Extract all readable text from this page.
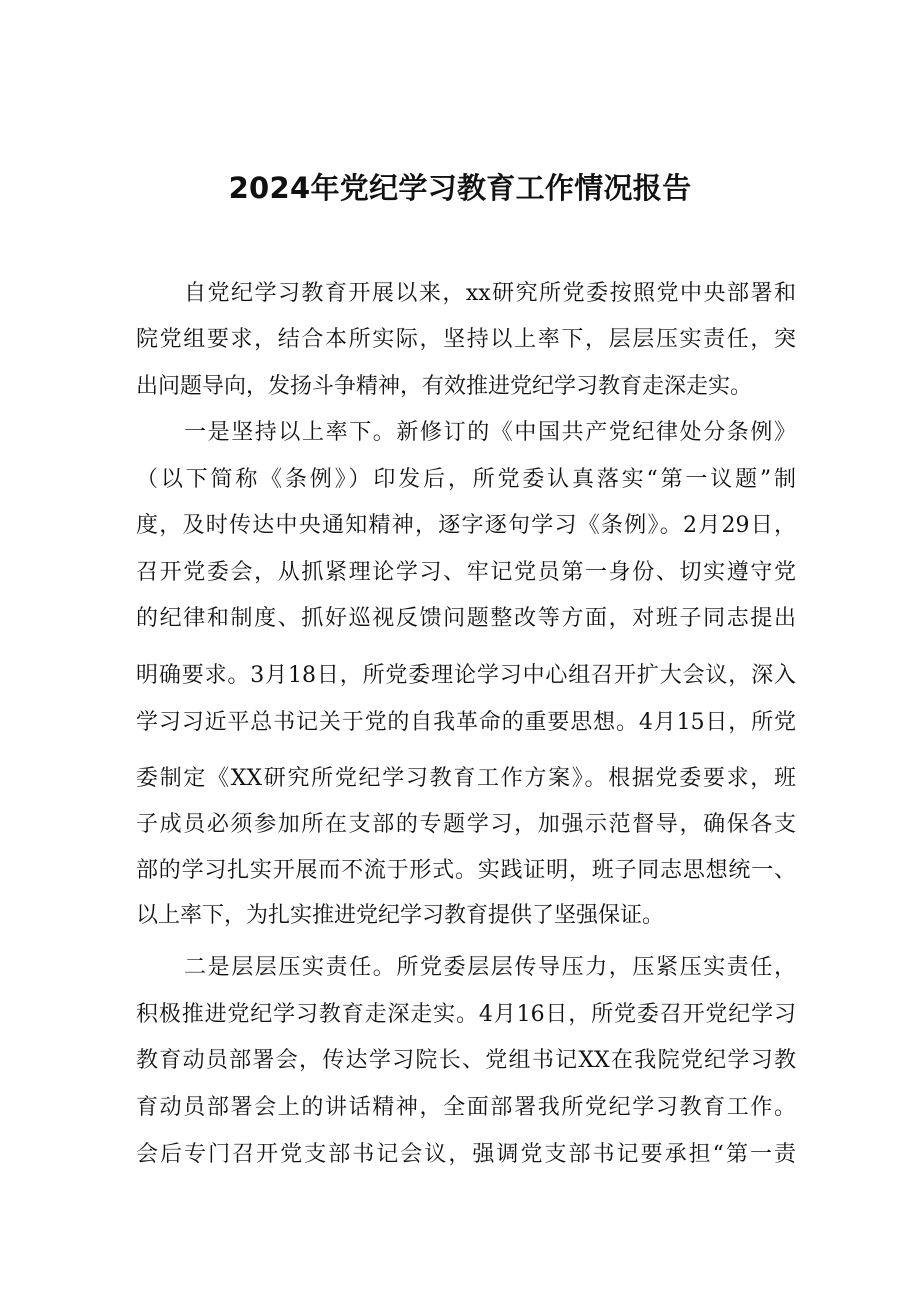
2024年党纪学习教育工作情况报告
自党纪学习教育开展以来，xx研究所党委按照党中央部署和
院党组要求，结合本所实际，坚持以上率下，层层压实责任，突
出问题导向，发扬斗争精神，有效推进党纪学习教育走深走实。
一是坚持以上率下。新修订的《中国共产党纪律处分条例》
（以下简称《条例》）印发后，所党委认真落实“第一议题”制
度，及时传达中央通知精神，逐字逐句学习《条例》。2月29日，
召开党委会，从抓紧理论学习、牢记党员第一身份、切实遵守党
的纪律和制度、抓好巡视反馈问题整改等方面，对班子同志提出
明确要求。3月18日，所党委理论学习中心组召开扩大会议，深入
学习习近平总书记关于党的自我革命的重要思想。4月15日，所党
委制定《XX研究所党纪学习教育工作方案》。根据党委要求，班
子成员必须参加所在支部的专题学习，加强示范督导，确保各支
部的学习扎实开展而不流于形式。实践证明，班子同志思想统一、
以上率下，为扎实推进党纪学习教育提供了坚强保证。
二是层层压实责任。所党委层层传导压力，压紧压实责任，
积极推进党纪学习教育走深走实。4月16日，所党委召开党纪学习
教育动员部署会，传达学习院长、党组书记XX在我院党纪学习教
育动员部署会上的讲话精神，全面部署我所党纪学习教育工作。
会后专门召开党支部书记会议，强调党支部书记要承担“第一责
